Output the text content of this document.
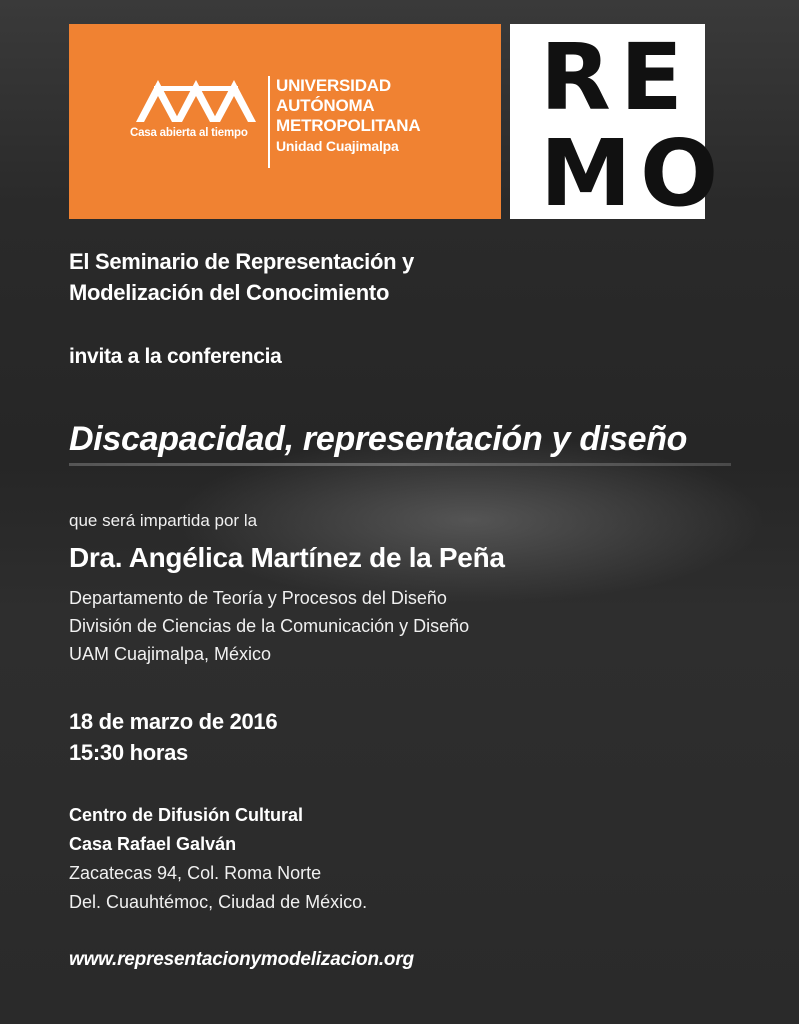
Casa abierta al tiempo
UNIVERSIDAD
AUTÓNOMA
METROPOLITANA
Unidad Cuajimalpa
R E
M O
El Seminario de Representación y
Modelización del Conocimiento
invita a la conferencia
Discapacidad, representación y diseño
que será impartida por la
Dra. Angélica Martínez de la Peña
Departamento de Teoría y Procesos del Diseño
División de Ciencias de la Comunicación y Diseño
UAM Cuajimalpa, México
18 de marzo de 2016
15:30 horas
Centro de Difusión Cultural
Casa Rafael Galván
Zacatecas 94, Col. Roma Norte
Del. Cuauhtémoc, Ciudad de México.
www.representacionymodelizacion.org
